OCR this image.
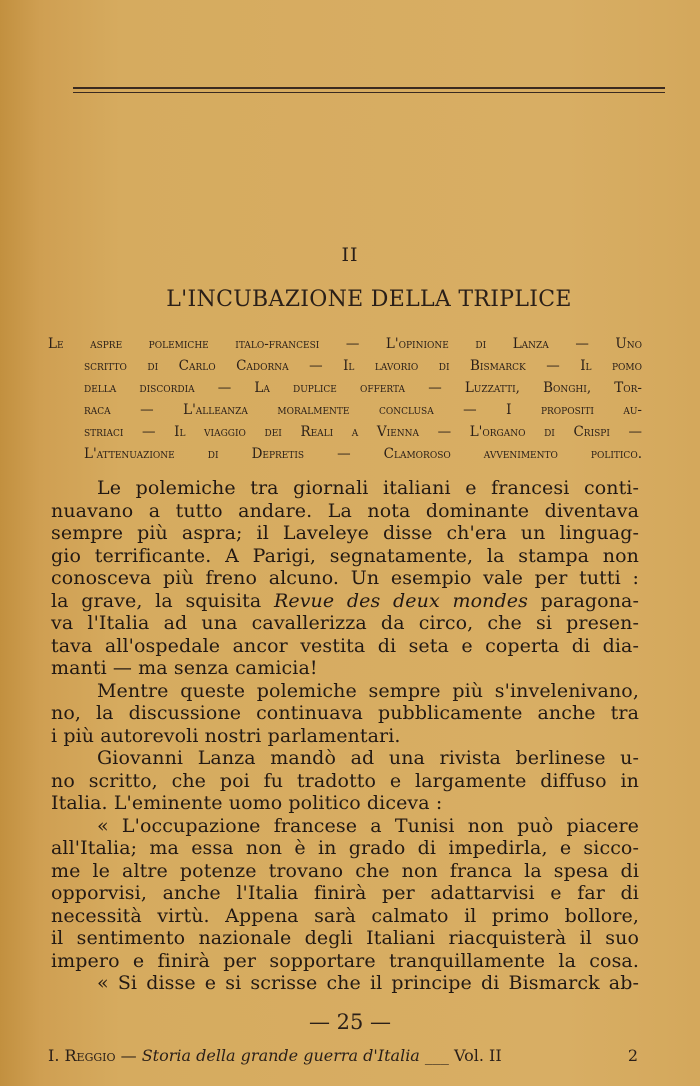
II
L'INCUBAZIONE DELLA TRIPLICE
Le aspre polemiche italo-francesi — L'opinione di Lanza — Uno
scritto di Carlo Cadorna — Il lavorio di Bismarck — Il pomo
della discordia — La duplice offerta — Luzzatti, Bonghi, Tor-
raca — L'alleanza moralmente conclusa — I propositi au-
striaci — Il viaggio dei Reali a Vienna — L'organo di Crispi —
L'attenuazione di Depretis — Clamoroso avvenimento politico.
Le polemiche tra giornali italiani e francesi conti-
nuavano a tutto andare. La nota dominante diventava
sempre più aspra; il Laveleye disse ch'era un linguag-
gio terrificante. A Parigi, segnatamente, la stampa non
conosceva più freno alcuno. Un esempio vale per tutti :
la grave, la squisita Revue des deux mondes paragona-
va l'Italia ad una cavallerizza da circo, che si presen-
tava all'ospedale ancor vestita di seta e coperta di dia-
manti — ma senza camicia!
Mentre queste polemiche sempre più s'invelenivano,
no, la discussione continuava pubblicamente anche tra
i più autorevoli nostri parlamentari.
Giovanni Lanza mandò ad una rivista berlinese u-
no scritto, che poi fu tradotto e largamente diffuso in
Italia. L'eminente uomo politico diceva :
« L'occupazione francese a Tunisi non può piacere
all'Italia; ma essa non è in grado di impedirla, e sicco-
me le altre potenze trovano che non franca la spesa di
opporvisi, anche l'Italia finirà per adattarvisi e far di
necessità virtù. Appena sarà calmato il primo bollore,
il sentimento nazionale degli Italiani riacquisterà il suo
impero e finirà per sopportare tranquillamente la cosa.
« Si disse e si scrisse che il principe di Bismarck ab-
— 25 —
I. Reggio — Storia della grande guerra d'Italia ___ Vol. II	2
